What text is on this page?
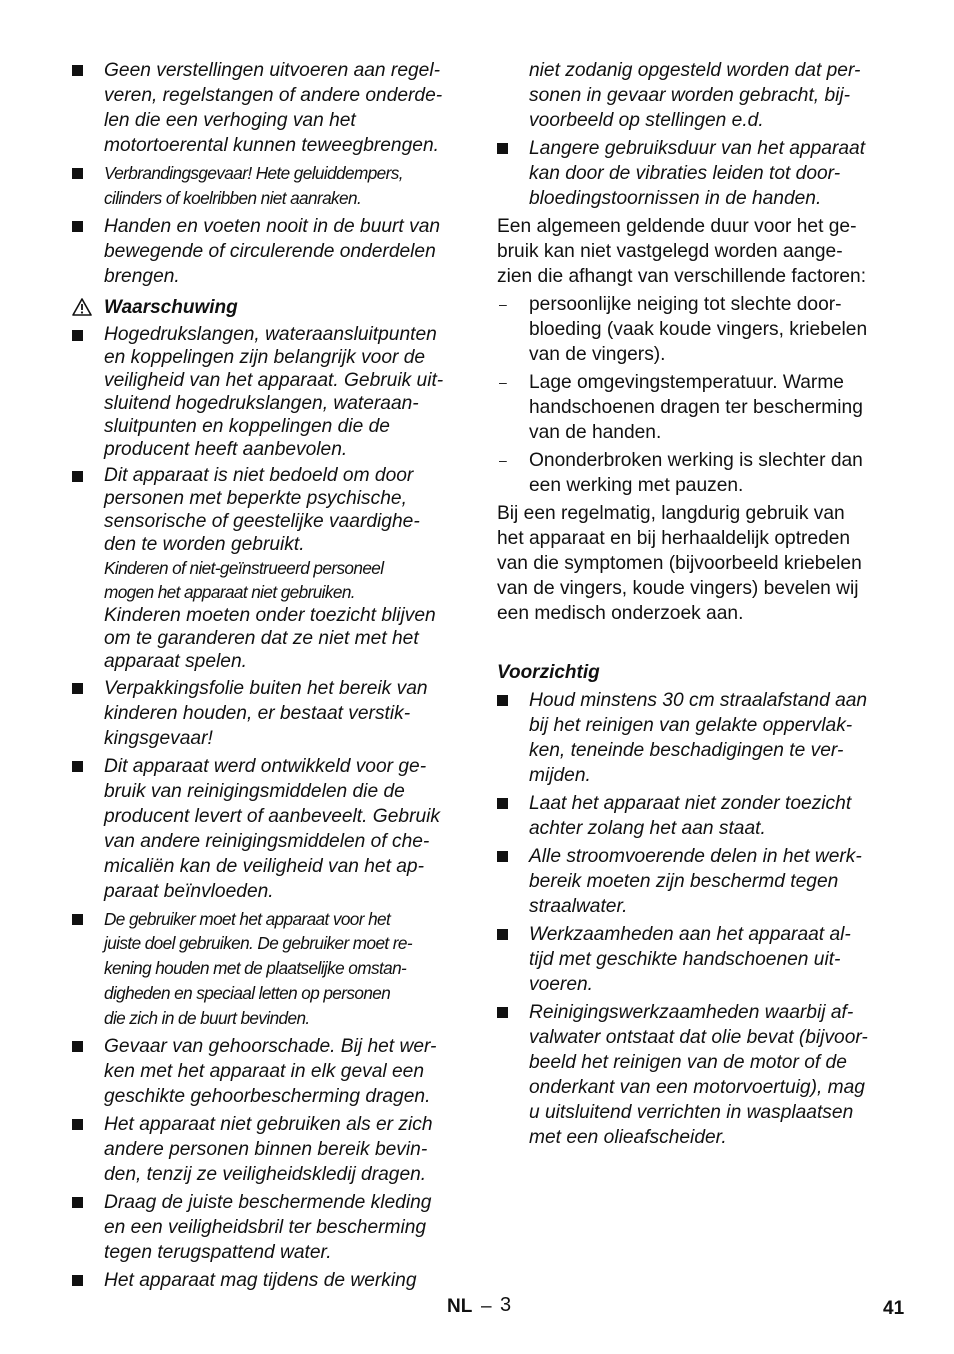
Geen verstellingen uitvoeren aan regel-
veren, regelstangen of andere onderde-
len die een verhoging van het
motortoerental kunnen teweegbrengen.
Verbrandingsgevaar! Hete geluiddempers,
cilinders of koelribben niet aanraken.
Handen en voeten nooit in de buurt van
bewegende of circulerende onderdelen
brengen.
Waarschuwing
Hogedrukslangen, wateraansluitpunten
en koppelingen zijn belangrijk voor de
veiligheid van het apparaat. Gebruik uit-
sluitend hogedrukslangen, wateraan-
sluitpunten en koppelingen die de
producent heeft aanbevolen.
Dit apparaat is niet bedoeld om door
personen met beperkte psychische,
sensorische of geestelijke vaardighe-
den te worden gebruikt.
Kinderen of niet-geïnstrueerd personeel
mogen het apparaat niet gebruiken.
Kinderen moeten onder toezicht blijven
om te garanderen dat ze niet met het
apparaat spelen.
Verpakkingsfolie buiten het bereik van
kinderen houden, er bestaat verstik-
kingsgevaar!
Dit apparaat werd ontwikkeld voor ge-
bruik van reinigingsmiddelen die de
producent levert of aanbeveelt. Gebruik
van andere reinigingsmiddelen of che-
micaliën kan de veiligheid van het ap-
paraat beïnvloeden.
De gebruiker moet het apparaat voor het
juiste doel gebruiken. De gebruiker moet re-
kening houden met de plaatselijke omstan-
digheden en speciaal letten op personen
die zich in de buurt bevinden.
Gevaar van gehoorschade. Bij het wer-
ken met het apparaat in elk geval een
geschikte gehoorbescherming dragen.
Het apparaat niet gebruiken als er zich
andere personen binnen bereik bevin-
den, tenzij ze veiligheidskledij dragen.
Draag de juiste beschermende kleding
en een veiligheidsbril ter bescherming
tegen terugspattend water.
Het apparaat mag tijdens de werking
niet zodanig opgesteld worden dat per-
sonen in gevaar worden gebracht, bij-
voorbeeld op stellingen e.d.
Langere gebruiksduur van het apparaat
kan door de vibraties leiden tot door-
bloedingstoornissen in de handen.
Een algemeen geldende duur voor het ge-
bruik kan niet vastgelegd worden aange-
zien die afhangt van verschillende factoren:
– persoonlijke neiging tot slechte door-
bloeding (vaak koude vingers, kriebelen
van de vingers).
– Lage omgevingstemperatuur. Warme
handschoenen dragen ter bescherming
van de handen.
– Ononderbroken werking is slechter dan
een werking met pauzen.
Bij een regelmatig, langdurig gebruik van
het apparaat en bij herhaaldelijk optreden
van die symptomen (bijvoorbeeld kriebelen
van de vingers, koude vingers) bevelen wij
een medisch onderzoek aan.
Voorzichtig
Houd minstens 30 cm straalafstand aan
bij het reinigen van gelakte oppervlak-
ken, teneinde beschadigingen te ver-
mijden.
Laat het apparaat niet zonder toezicht
achter zolang het aan staat.
Alle stroomvoerende delen in het werk-
bereik moeten zijn beschermd tegen
straalwater.
Werkzaamheden aan het apparaat al-
tijd met geschikte handschoenen uit-
voeren.
Reinigingswerkzaamheden waarbij af-
valwater ontstaat dat olie bevat (bijvoor-
beeld het reinigen van de motor of de
onderkant van een motorvoertuig), mag
u uitsluitend verrichten in wasplaatsen
met een olieafscheider.
NL – 3	41
